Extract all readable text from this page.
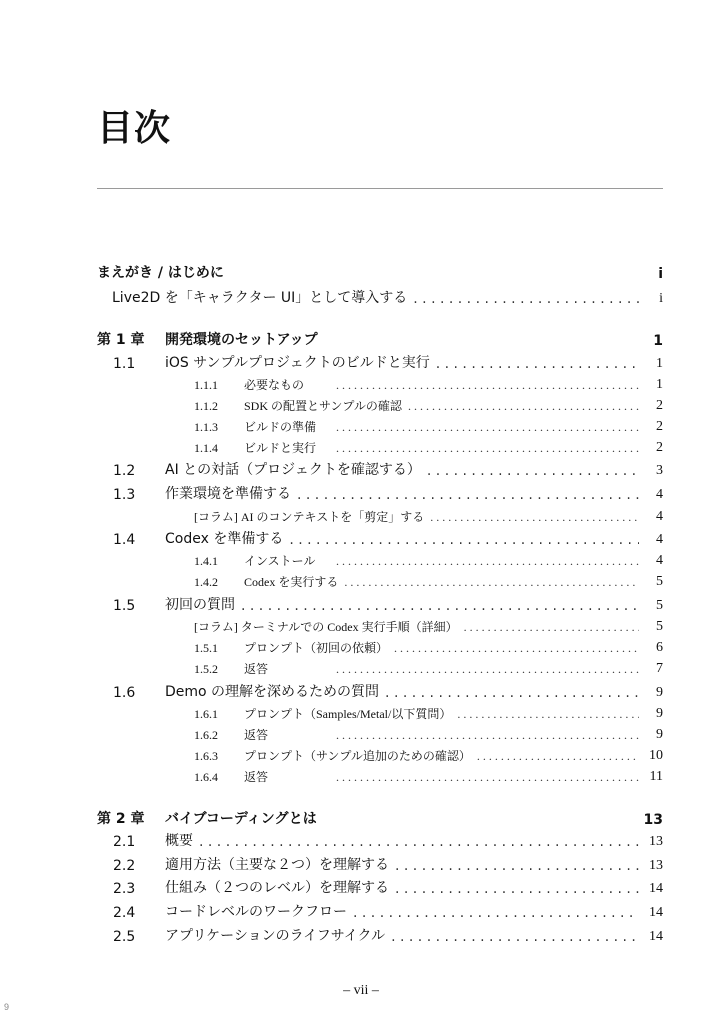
目次
まえがき / はじめに	i
Live2D を「キャラクター UI」として導入する . .	i
第 1 章	開発環境のセットアップ	1
1.1	iOS サンプルプロジェクトのビルドと実行 . .	1
1.1.1	必要なもの . .	1
1.1.2	SDK の配置とサンプルの確認 . .	2
1.1.3	ビルドの準備 . .	2
1.1.4	ビルドと実行 . .	2
1.2	AI との対話（プロジェクトを確認する） . .	3
1.3	作業環境を準備する . .	4
[コラム] AI のコンテキストを「剪定」する . .	4
1.4	Codex を準備する . .	4
1.4.1	インストール . .	4
1.4.2	Codex を実行する . .	5
1.5	初回の質問 . .	5
[コラム] ターミナルでの Codex 実行手順（詳細） . .	5
1.5.1	プロンプト（初回の依頼） . .	6
1.5.2	返答 . .	7
1.6	Demo の理解を深めるための質問 . .	9
1.6.1	プロンプト（Samples/Metal/以下質問） . .	9
1.6.2	返答 . .	9
1.6.3	プロンプト（サンプル追加のための確認） . .	10
1.6.4	返答 . .	11
第 2 章	バイブコーディングとは	13
2.1	概要 . .	13
2.2	適用方法（主要な２つ）を理解する . .	13
2.3	仕組み（２つのレベル）を理解する . .	14
2.4	コードレベルのワークフロー . .	14
2.5	アプリケーションのライフサイクル . .	14
– vii –
9
